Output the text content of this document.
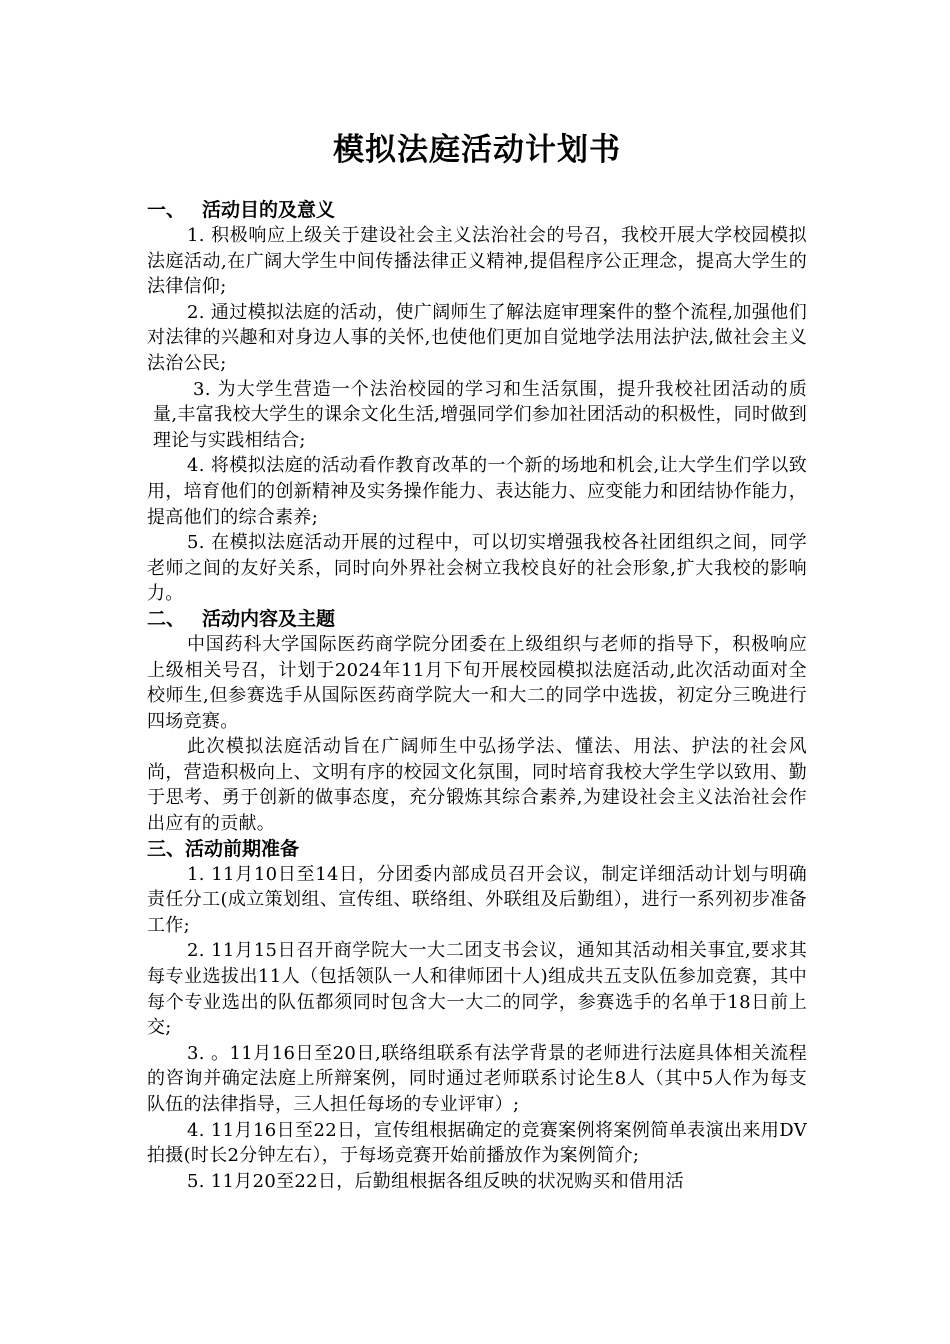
模拟法庭活动计划书
一、 活动目的及意义

1. 积极响应上级关于建设社会主义法治社会的号召，我校开展大学校园模拟法庭活动,在广阔大学生中间传播法律正义精神,提倡程序公正理念，提高大学生的法律信仰;

2. 通过模拟法庭的活动，使广阔师生了解法庭审理案件的整个流程,加强他们对法律的兴趣和对身边人事的关怀,也使他们更加自觉地学法用法护法,做社会主义法治公民;

3. 为大学生营造一个法治校园的学习和生活氛围，提升我校社团活动的质量,丰富我校大学生的课余文化生活,增强同学们参加社团活动的积极性，同时做到理论与实践相结合;

4. 将模拟法庭的活动看作教育改革的一个新的场地和机会,让大学生们学以致用，培育他们的创新精神及实务操作能力、表达能力、应变能力和团结协作能力，提高他们的综合素养;

5. 在模拟法庭活动开展的过程中，可以切实增强我校各社团组织之间，同学老师之间的友好关系，同时向外界社会树立我校良好的社会形象,扩大我校的影响力。

二、 活动内容及主题

中国药科大学国际医药商学院分团委在上级组织与老师的指导下，积极响应上级相关号召，计划于2024年11月下旬开展校园模拟法庭活动,此次活动面对全校师生,但参赛选手从国际医药商学院大一和大二的同学中选拔，初定分三晚进行四场竞赛。

此次模拟法庭活动旨在广阔师生中弘扬学法、懂法、用法、护法的社会风尚，营造积极向上、文明有序的校园文化氛围，同时培育我校大学生学以致用、勤于思考、勇于创新的做事态度，充分锻炼其综合素养,为建设社会主义法治社会作出应有的贡献。

三、活动前期准备

1. 11月10日至14日，分团委内部成员召开会议，制定详细活动计划与明确责任分工(成立策划组、宣传组、联络组、外联组及后勤组），进行一系列初步准备工作;

2. 11月15日召开商学院大一大二团支书会议，通知其活动相关事宜,要求其每专业选拔出11人（包括领队一人和律师团十人)组成共五支队伍参加竞赛，其中每个专业选出的队伍都须同时包含大一大二的同学，参赛选手的名单于18日前上交;

3. 。11月16日至20日,联络组联系有法学背景的老师进行法庭具体相关流程的咨询并确定法庭上所辩案例，同时通过老师联系讨论生8人（其中5人作为每支队伍的法律指导，三人担任每场的专业评审）;

4. 11月16日至22日，宣传组根据确定的竞赛案例将案例简单表演出来用DV拍摄(时长2分钟左右），于每场竞赛开始前播放作为案例简介;

5. 11月20至22日，后勤组根据各组反映的状况购买和借用活
